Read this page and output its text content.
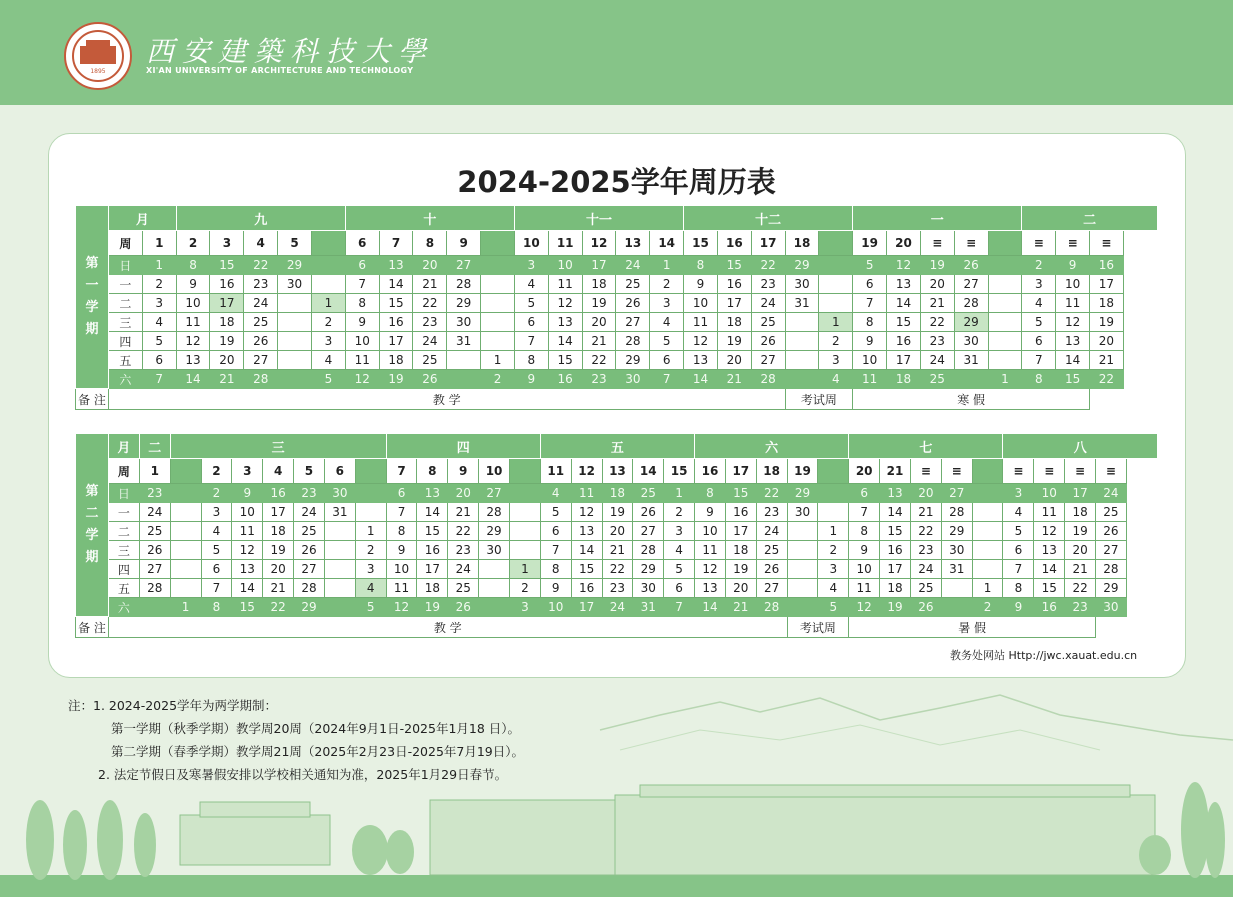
1895
西安建築科技大學
XI'AN UNIVERSITY OF ARCHITECTURE AND TECHNOLOGY
2024-2025学年周历表
第
一
学
期	月		九					十					十一					十二					一					二		
	周	1	2	3	4	5		6	7	8	9		10	11	12	13	14	15	16	17	18		19	20	≡	≡		≡	≡	≡
	日	1	8	15	22	29		6	13	20	27		3	10	17	24	1	8	15	22	29		5	12	19	26		2	9	16
	一	2	9	16	23	30		7	14	21	28		4	11	18	25	2	9	16	23	30		6	13	20	27		3	10	17
	二	3	10	17	24		1	8	15	22	29		5	12	19	26	3	10	17	24	31		7	14	21	28		4	11	18
	三	4	11	18	25		2	9	16	23	30		6	13	20	27	4	11	18	25		1	8	15	22	29		5	12	19
	四	5	12	19	26		3	10	17	24	31		7	14	21	28	5	12	19	26		2	9	16	23	30		6	13	20
	五	6	13	20	27		4	11	18	25		1	8	15	22	29	6	13	20	27		3	10	17	24	31		7	14	21
	六	7	14	21	28		5	12	19	26		2	9	16	23	30	7	14	21	28		4	11	18	25		1	8	15	22
备 注	教 学																				考试周		寒 假							
第
二
学
期	月	二	三							四					五					六					七					八			
	周	1		2	3	4	5	6		7	8	9	10		11	12	13	14	15	16	17	18	19		20	21	≡	≡		≡	≡	≡	≡
	日	23		2	9	16	23	30		6	13	20	27		4	11	18	25	1	8	15	22	29		6	13	20	27		3	10	17	24
	一	24		3	10	17	24	31		7	14	21	28		5	12	19	26	2	9	16	23	30		7	14	21	28		4	11	18	25
	二	25		4	11	18	25		1	8	15	22	29		6	13	20	27	3	10	17	24		1	8	15	22	29		5	12	19	26
	三	26		5	12	19	26		2	9	16	23	30		7	14	21	28	4	11	18	25		2	9	16	23	30		6	13	20	27
	四	27		6	13	20	27		3	10	17	24		1	8	15	22	29	5	12	19	26		3	10	17	24	31		7	14	21	28
	五	28		7	14	21	28		4	11	18	25		2	9	16	23	30	6	13	20	27		4	11	18	25		1	8	15	22	29
	六		1	8	15	22	29		5	12	19	26		3	10	17	24	31	7	14	21	28		5	12	19	26		2	9	16	23	30
备 注	教 学																						考试周		暑 假								
教务处网站 Http://jwc.xauat.edu.cn
注：1. 2024-2025学年为两学期制：
第一学期（秋季学期）教学周20周（2024年9月1日-2025年1月18 日）。
第二学期（春季学期）教学周21周（2025年2月23日-2025年7月19日）。
2. 法定节假日及寒暑假安排以学校相关通知为准，2025年1月29日春节。
